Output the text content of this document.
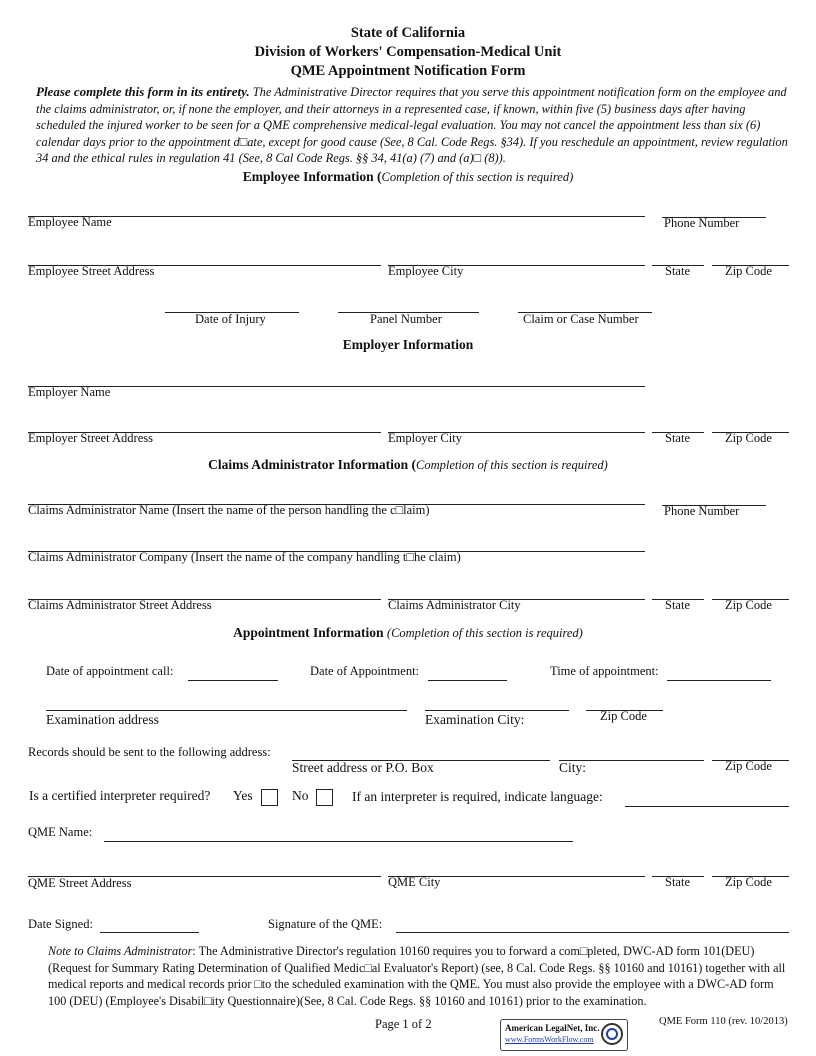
State of California
Division of Workers' Compensation-Medical Unit
QME Appointment Notification Form
Please complete this form in its entirety. The Administrative Director requires that you serve this appointment notification form on the employee and the claims administrator, or, if none the employer, and their attorneys in a represented case, if known, within five (5) business days after having scheduled the injured worker to be seen for a QME comprehensive medical-legal evaluation. You may not cancel the appointment less than six (6) calendar days prior to the appointment d□ate, except for good cause (See, 8 Cal. Code Regs. §34). If you reschedule an appointment, review regulation 34 and the ethical rules in regulation 41 (See, 8 Cal Code Regs. §§ 34, 41(a) (7) and (a)□ (8)).
Employee Information (Completion of this section is required)
Employee Name	Phone Number
Employee Street Address	Employee City	State	Zip Code
Date of Injury	Panel Number	Claim or Case Number
Employer Information
Employer Name
Employer Street Address	Employer City	State	Zip Code
Claims Administrator Information (Completion of this section is required)
Claims Administrator Name (Insert the name of the person handling the c□laim)	Phone Number
Claims Administrator Company (Insert the name of the company handling t□he claim)
Claims Administrator Street Address	Claims Administrator City	State	Zip Code
Appointment Information (Completion of this section is required)
Date of appointment call:	Date of Appointment:	Time of appointment:
Examination address	Examination City:	Zip Code
Records should be sent to the following address:
Street address or P.O. Box	City:	Zip Code
Is a certified interpreter required? Yes	No	If an interpreter is required, indicate language:
QME Name:
QME Street Address	QME City	State	Zip Code
Date Signed:	Signature of the QME:
Note to Claims Administrator: The Administrative Director's regulation 10160 requires you to forward a com□pleted, DWC-AD form 101(DEU) (Request for Summary Rating Determination of Qualified Medic□al Evaluator's Report) (see, 8 Cal. Code Regs. §§ 10160 and 10161) together with all medical reports and medical records prior □to the scheduled examination with the QME. You must also provide the employee with a DWC-AD form 100 (DEU) (Employee's Disabil□ity Questionnaire)(See, 8 Cal. Code Regs. §§ 10160 and 10161) prior to the examination.
Page 1 of 2	QME Form 110 (rev. 10/2013)
American LegalNet, Inc.
www.FormsWorkFlow.com
